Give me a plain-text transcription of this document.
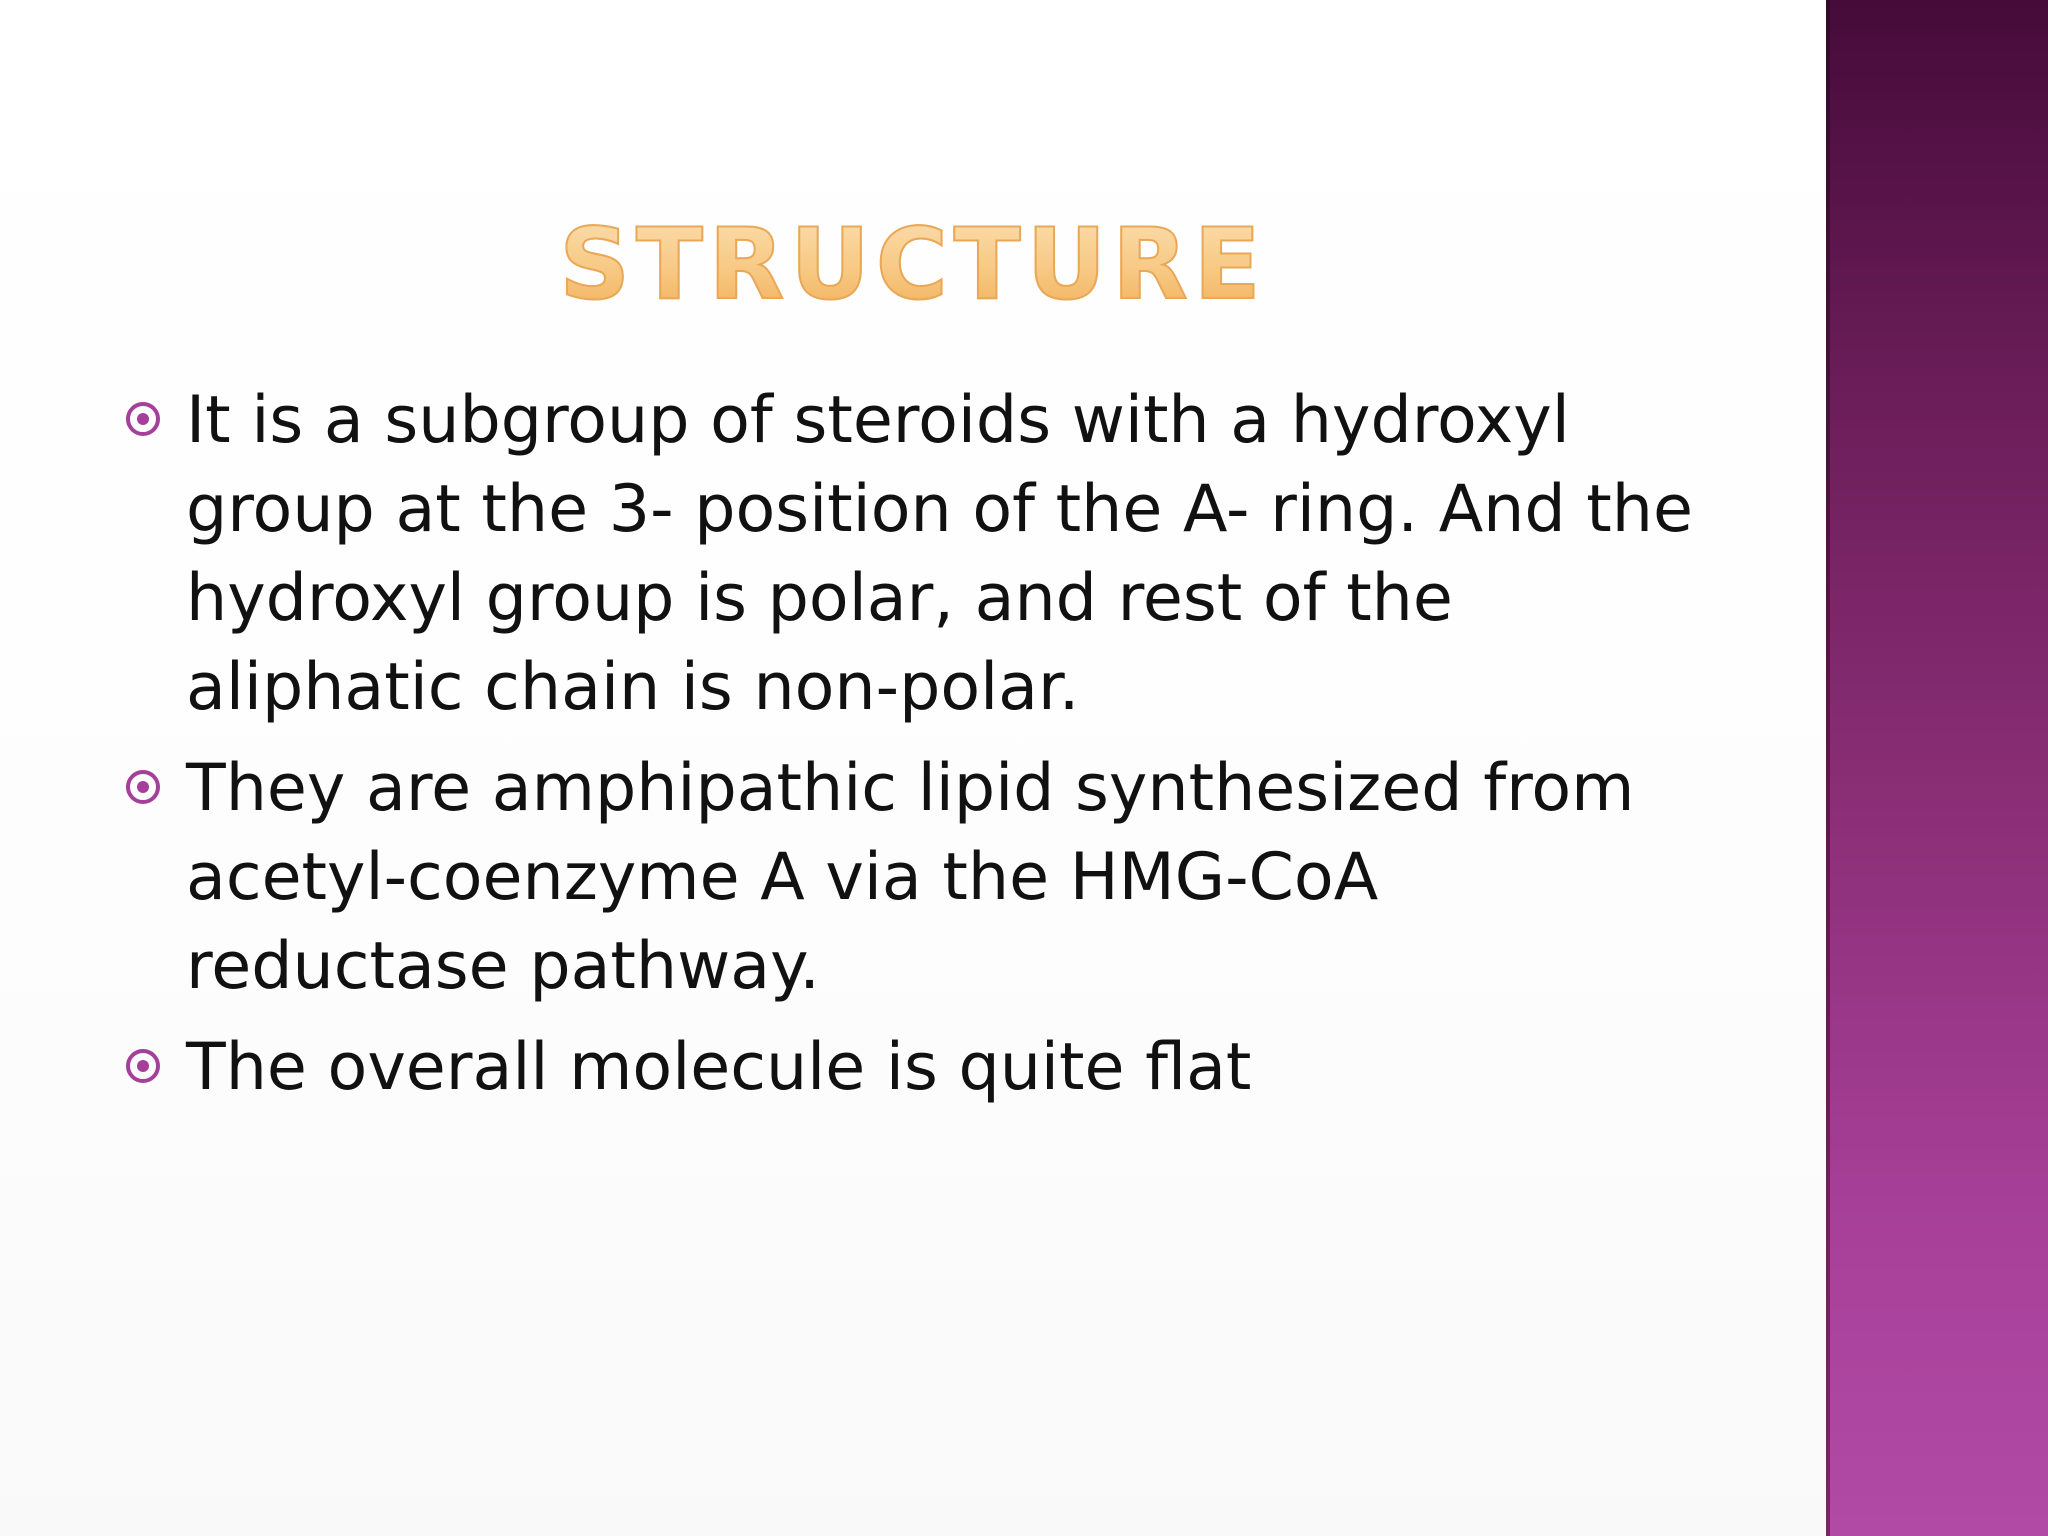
STRUCTURE
It is a subgroup of steroids with a hydroxyl group at the 3- position of the A- ring. And the hydroxyl group is polar, and rest of the aliphatic chain is non-polar.
They are amphipathic lipid synthesized from acetyl-coenzyme A via the HMG-CoA reductase pathway.
The overall molecule is quite flat
